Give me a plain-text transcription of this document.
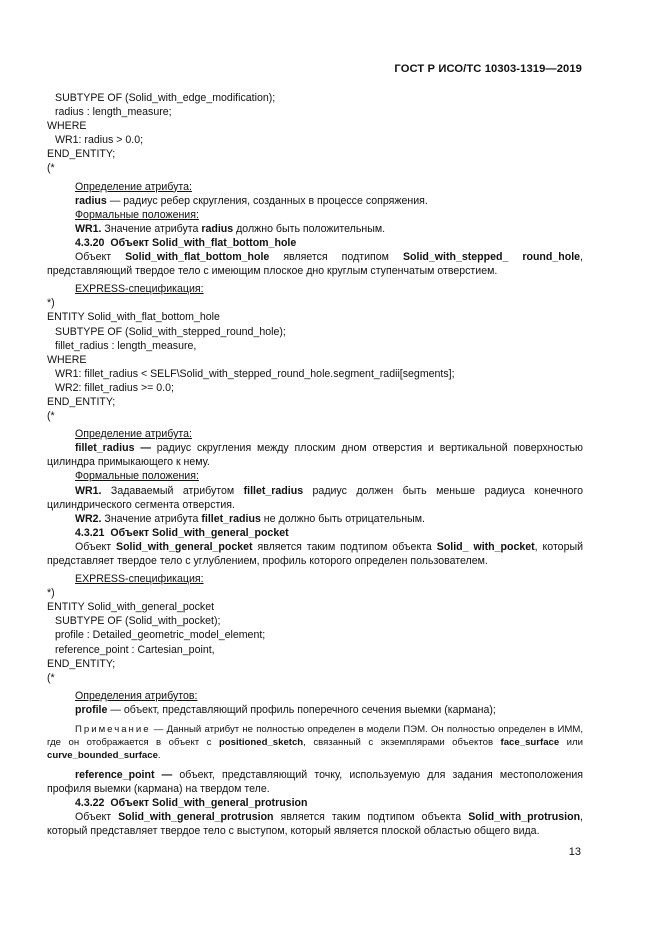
ГОСТ Р ИСО/ТС 10303-1319—2019
SUBTYPE OF (Solid_with_edge_modification);
radius : length_measure;
WHERE
WR1: radius > 0.0;
END_ENTITY;
(*

Определение атрибута:

radius — радиус ребер скругления, созданных в процессе сопряжения.

Формальные положения:

WR1. Значение атрибута radius должно быть положительным.

4.3.20 Объект Solid_with_flat_bottom_hole

Объект Solid_with_flat_bottom_hole является подтипом Solid_with_stepped_ round_hole, представляющий твердое тело с имеющим плоское дно круглым ступенчатым отверстием.

EXPRESS-спецификация:

*)
ENTITY Solid_with_flat_bottom_hole
SUBTYPE OF (Solid_with_stepped_round_hole);
fillet_radius : length_measure,
WHERE
WR1: fillet_radius < SELF\Solid_with_stepped_round_hole.segment_radii[segments];
WR2: fillet_radius >= 0.0;
END_ENTITY;
(*

Определение атрибута:

fillet_radius — радиус скругления между плоским дном отверстия и вертикальной поверхностью цилиндра примыкающего к нему.

Формальные положения:

WR1. Задаваемый атрибутом fillet_radius радиус должен быть меньше радиуса конечного цилиндрического сегмента отверстия.

WR2. Значение атрибута fillet_radius не должно быть отрицательным.

4.3.21 Объект Solid_with_general_pocket

Объект Solid_with_general_pocket является таким подтипом объекта Solid_ with_pocket, который представляет твердое тело с углублением, профиль которого определен пользователем.

EXPRESS-спецификация:

*)
ENTITY Solid_with_general_pocket
SUBTYPE OF (Solid_with_pocket);
profile : Detailed_geometric_model_element;
reference_point : Cartesian_point,
END_ENTITY;
(*

Определения атрибутов:

profile — объект, представляющий профиль поперечного сечения выемки (кармана);

Примечание — Данный атрибут не полностью определен в модели ПЭМ. Он полностью определен в ИММ, где он отображается в объект с positioned_sketch, связанный с экземплярами объектов face_surface или curve_bounded_surface.

reference_point — объект, представляющий точку, используемую для задания местоположения профиля выемки (кармана) на твердом теле.

4.3.22 Объект Solid_with_general_protrusion

Объект Solid_with_general_protrusion является таким подтипом объекта Solid_with_protrusion, который представляет твердое тело с выступом, который является плоской областью общего вида.

13
